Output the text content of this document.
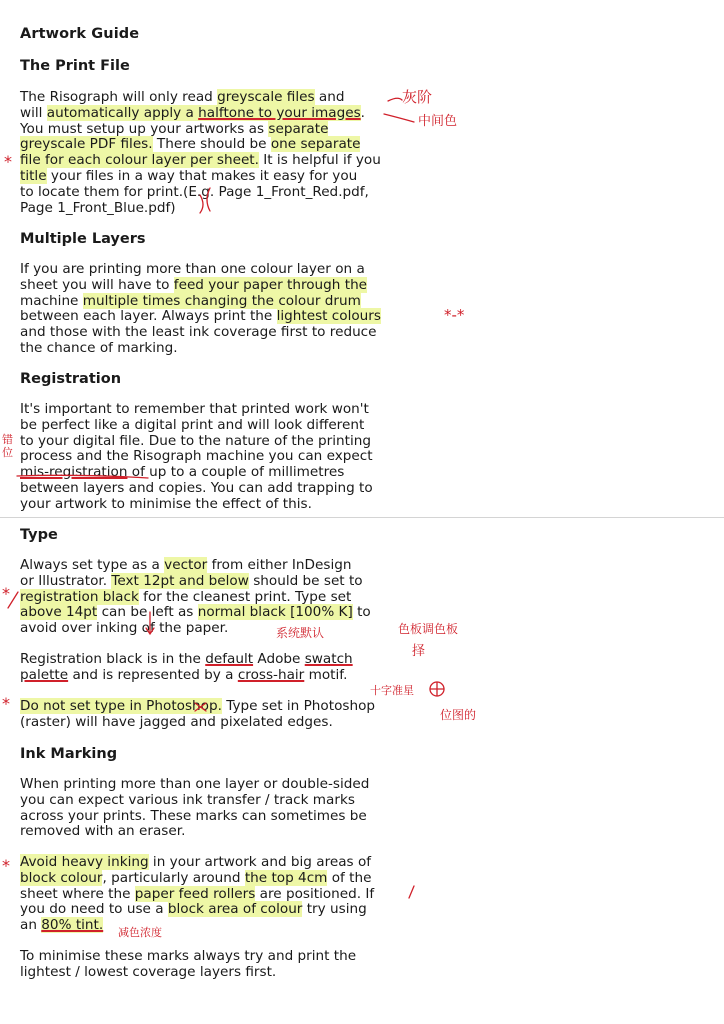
Artwork Guide
The Print File
The Risograph will only read greyscale files and
will automatically apply a halftone to your images.
You must setup up your artworks as separate
greyscale PDF files. There should be one separate
file for each colour layer per sheet. It is helpful if you
title your files in a way that makes it easy for you
to locate them for print.(E.g. Page 1_Front_Red.pdf,
Page 1_Front_Blue.pdf)
Multiple Layers
If you are printing more than one colour layer on a
sheet you will have to feed your paper through the
machine multiple times changing the colour drum
between each layer. Always print the lightest colours
and those with the least ink coverage first to reduce
the chance of marking.
Registration
It's important to remember that printed work won't
be perfect like a digital print and will look different
to your digital file. Due to the nature of the printing
process and the Risograph machine you can expect
mis-registration of up to a couple of millimetres
between layers and copies. You can add trapping to
your artwork to minimise the effect of this.
Type
Always set type as a vector from either InDesign
or Illustrator. Text 12pt and below should be set to
registration black for the cleanest print. Type set
above 14pt can be left as normal black [100% K] to
avoid over inking of the paper.
Registration black is in the default Adobe swatch
palette and is represented by a cross-hair motif.
Do not set type in Photoshop. Type set in Photoshop
(raster) will have jagged and pixelated edges.
Ink Marking
When printing more than one layer or double-sided
you can expect various ink transfer / track marks
across your prints. These marks can sometimes be
removed with an eraser.
Avoid heavy inking in your artwork and big areas of
block colour, particularly around the top 4cm of the
sheet where the paper feed rollers are positioned. If
you do need to use a block area of colour try using
an 80% tint.
To minimise these marks always try and print the
lightest / lowest coverage layers first.
灰阶
中间色
*
*-*
错位
*
系统默认	色板调色板
择
十字准星
*
位图的
*
减色浓度
